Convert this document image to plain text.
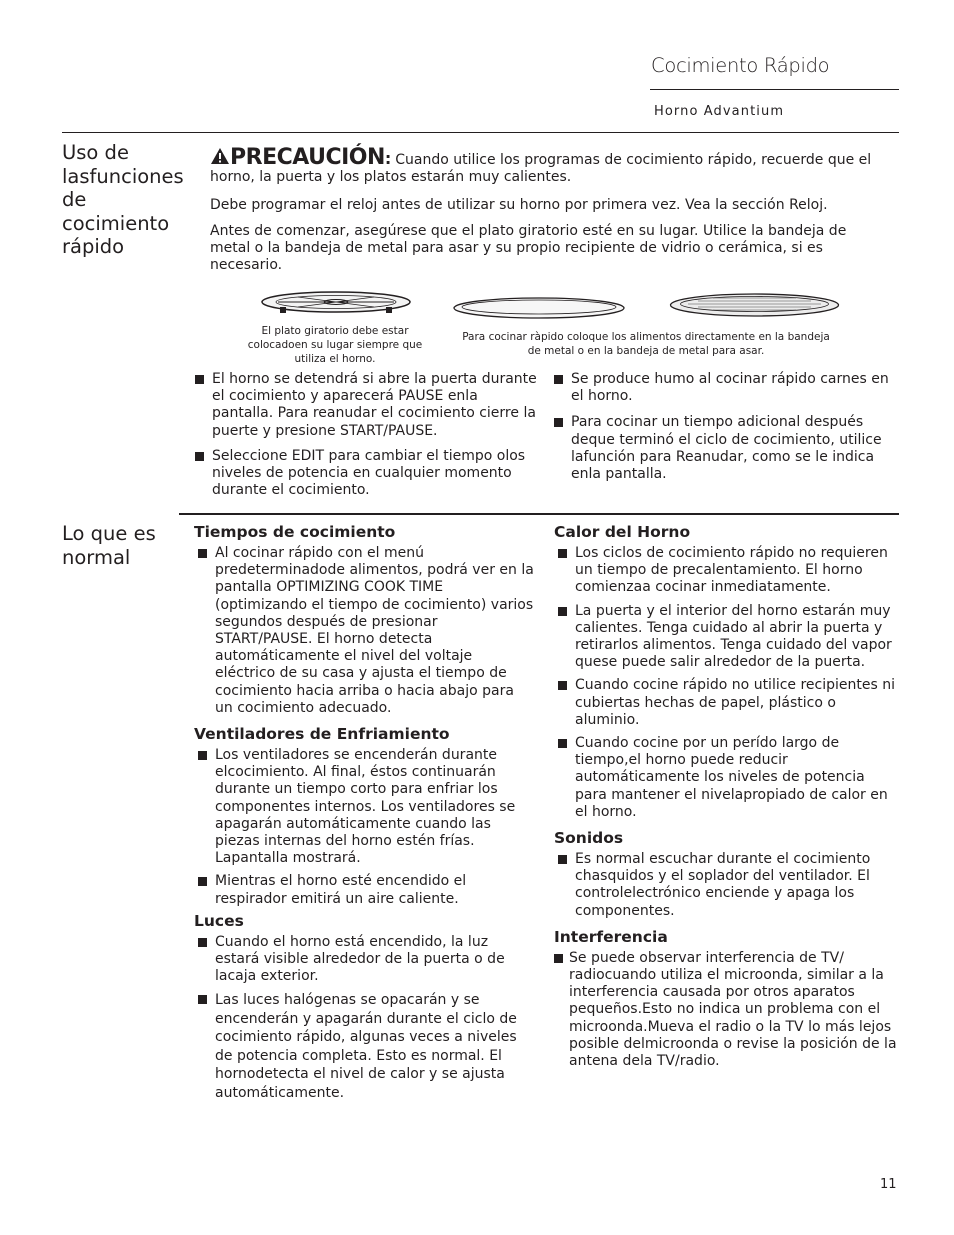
Cocimiento Rápido
Horno Advantium
Uso de lasfunciones de cocimiento rápido
PRECAUCIÓN: Cuando utilice los programas de cocimiento rápido, recuerde que el horno, la puerta y los platos estarán muy calientes.
Debe programar el reloj antes de utilizar su horno por primera vez. Vea la sección Reloj.
Antes de comenzar, asegúrese que el plato giratorio esté en su lugar. Utilice la bandeja de metal o la bandeja de metal para asar y su propio recipiente de vidrio o cerámica, si es necesario.
El plato giratorio debe estar colocadoen su lugar siempre que utiliza el horno.
Para cocinar ràpido coloque los alimentos directamente en la bandeja de metal o en la bandeja de metal para asar.
El horno se detendrá si abre la puerta durante el cocimiento y aparecerá PAUSE enla pantalla. Para reanudar el cocimiento cierre la puerte y presione START/PAUSE.
Seleccione EDIT para cambiar el tiempo olos niveles de potencia en cualquier momento durante el cocimiento.
Se produce humo al cocinar rápido carnes en el horno.
Para cocinar un tiempo adicional después deque terminó el ciclo de cocimiento, utilice lafunción para Reanudar, como se le indica enla pantalla.
Lo que es normal
Tiempos de cocimiento
Al cocinar rápido con el menú predeterminadode alimentos, podrá ver en la pantalla OPTIMIZING COOK TIME (optimizando el tiempo de cocimiento) varios segundos después de presionar START/PAUSE. El horno detecta automáticamente el nivel del voltaje eléctrico de su casa y ajusta el tiempo de cocimiento hacia arriba o hacia abajo para un cocimiento adecuado.
Ventiladores de Enfriamiento
Los ventiladores se encenderán durante elcocimiento. Al final, éstos continuarán durante un tiempo corto para enfriar los componentes internos. Los ventiladores se apagarán automáticamente cuando las piezas internas del horno estén frías. Lapantalla mostrará.
Mientras el horno esté encendido el respirador emitirá un aire caliente.
Luces
Cuando el horno está encendido, la luz estará visible alrededor de la puerta o de lacaja exterior.
Las luces halógenas se opacarán y se encenderán y apagarán durante el ciclo de cocimiento rápido, algunas veces a niveles de potencia completa. Esto es normal. El hornodetecta el nivel de calor y se ajusta automáticamente.
Calor del Horno
Los ciclos de cocimiento rápido no requieren un tiempo de precalentamiento. El horno comienzaa cocinar inmediatamente.
La puerta y el interior del horno estarán muy calientes. Tenga cuidado al abrir la puerta y retirarlos alimentos. Tenga cuidado del vapor quese puede salir alrededor de la puerta.
Cuando cocine rápido no utilice recipientes ni cubiertas hechas de papel, plástico o aluminio.
Cuando cocine por un perído largo de tiempo,el horno puede reducir automáticamente los niveles de potencia para mantener el nivelapropiado de calor en el horno.
Sonidos
Es normal escuchar durante el cocimiento chasquidos y el soplador del ventilador. El controlelectrónico enciende y apaga los componentes.
Interferencia
Se puede observar interferencia de TV/ radiocuando utiliza el microonda, similar a la interferencia causada por otros aparatos pequeños.Esto no indica un problema con el microonda.Mueva el radio o la TV lo más lejos posible delmicroonda o revise la posición de la antena dela TV/radio.
11
